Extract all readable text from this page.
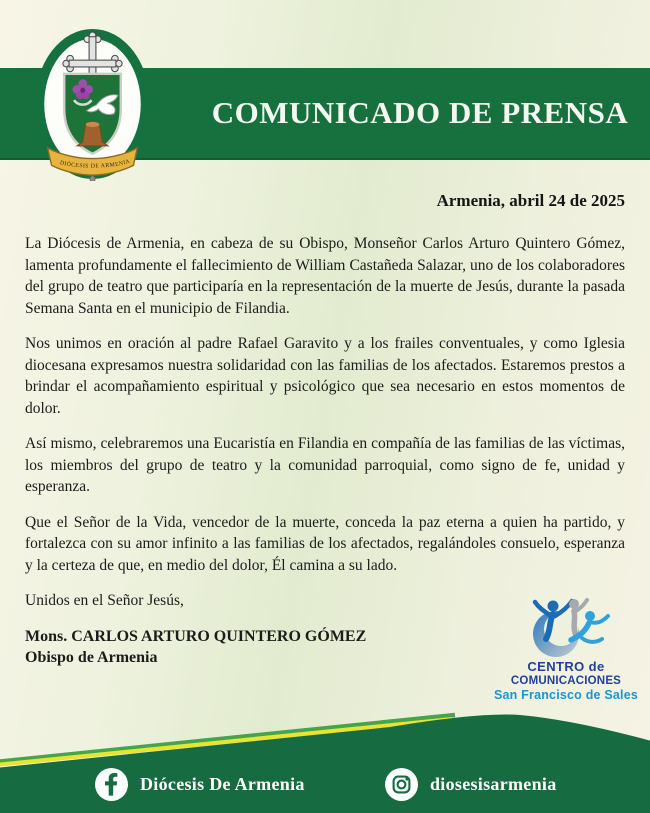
COMUNICADO DE PRENSA
DIÓCESIS DE ARMENIA
Armenia, abril 24 de 2025

La Diócesis de Armenia, en cabeza de su Obispo, Monseñor Carlos Arturo Quintero Gómez, lamenta profundamente el fallecimiento de William Castañeda Salazar, uno de los colaboradores del grupo de teatro que participaría en la representación de la muerte de Jesús, durante la pasada Semana Santa en el municipio de Filandia.

Nos unimos en oración al padre Rafael Garavito y a los frailes conventuales, y como Iglesia diocesana expresamos nuestra solidaridad con las familias de los afectados. Estaremos prestos a brindar el acompañamiento espiritual y psicológico que sea necesario en estos momentos de dolor.

Así mismo, celebraremos una Eucaristía en Filandia en compañía de las familias de las víctimas, los miembros del grupo de teatro y la comunidad parroquial, como signo de fe, unidad y esperanza.

Que el Señor de la Vida, vencedor de la muerte, conceda la paz eterna a quien ha partido, y fortalezca con su amor infinito a las familias de los afectados, regalándoles consuelo, esperanza y la certeza de que, en medio del dolor, Él camina a su lado.

Unidos en el Señor Jesús,

Mons. CARLOS ARTURO QUINTERO GÓMEZ
Obispo de Armenia
CENTRO de
COMUNICACIONES
San Francisco de Sales
Diócesis De Armenia	diosesisarmenia
